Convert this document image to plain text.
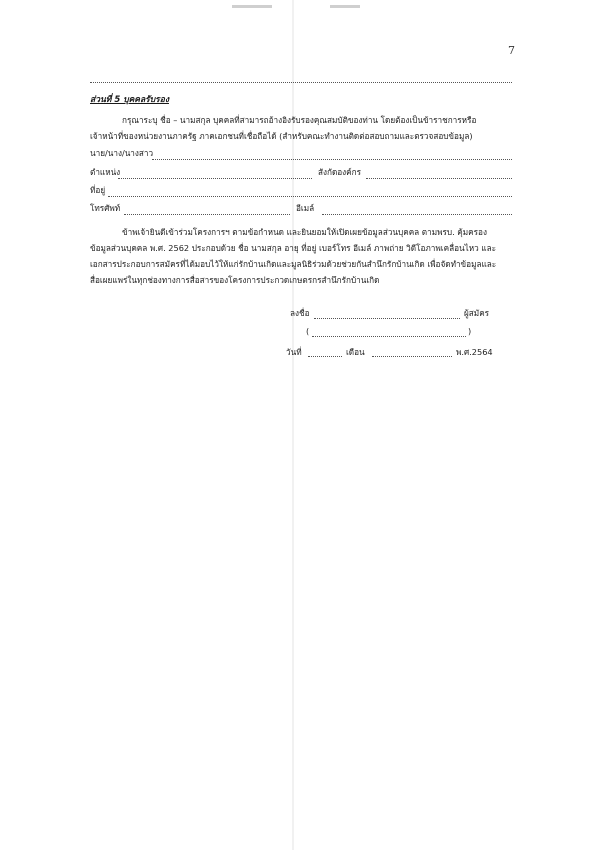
7
ส่วนที่ 5 บุคคลรับรอง
กรุณาระบุ ชื่อ – นามสกุล บุคคลที่สามารถอ้างอิงรับรองคุณสมบัติของท่าน โดยต้องเป็นข้าราชการหรือ
เจ้าหน้าที่ของหน่วยงานภาครัฐ ภาคเอกชนที่เชื่อถือได้ (สำหรับคณะทำงานติดต่อสอบถามและตรวจสอบข้อมูล)
นาย/นาง/นางสาว
ตำแหน่ง	สังกัดองค์กร
ที่อยู่
โทรศัพท์	อีเมล์
ข้าพเจ้ายินดีเข้าร่วมโครงการฯ ตามข้อกำหนด และยินยอมให้เปิดเผยข้อมูลส่วนบุคคล ตามพรบ. คุ้มครอง
ข้อมูลส่วนบุคคล พ.ศ. 2562 ประกอบด้วย ชื่อ นามสกุล อายุ ที่อยู่ เบอร์โทร อีเมล์ ภาพถ่าย วิดีโอภาพเคลื่อนไหว และ
เอกสารประกอบการสมัครที่ได้มอบไว้ให้แก่รักบ้านเกิดและมูลนิธิร่วมด้วยช่วยกันสำนึกรักบ้านเกิด เพื่อจัดทำข้อมูลและ
สื่อเผยแพร่ในทุกช่องทางการสื่อสารของโครงการประกวดเกษตรกรสำนึกรักบ้านเกิด
ลงชื่อ	ผู้สมัคร
(	)
วันที่	เดือน	พ.ศ.2564
